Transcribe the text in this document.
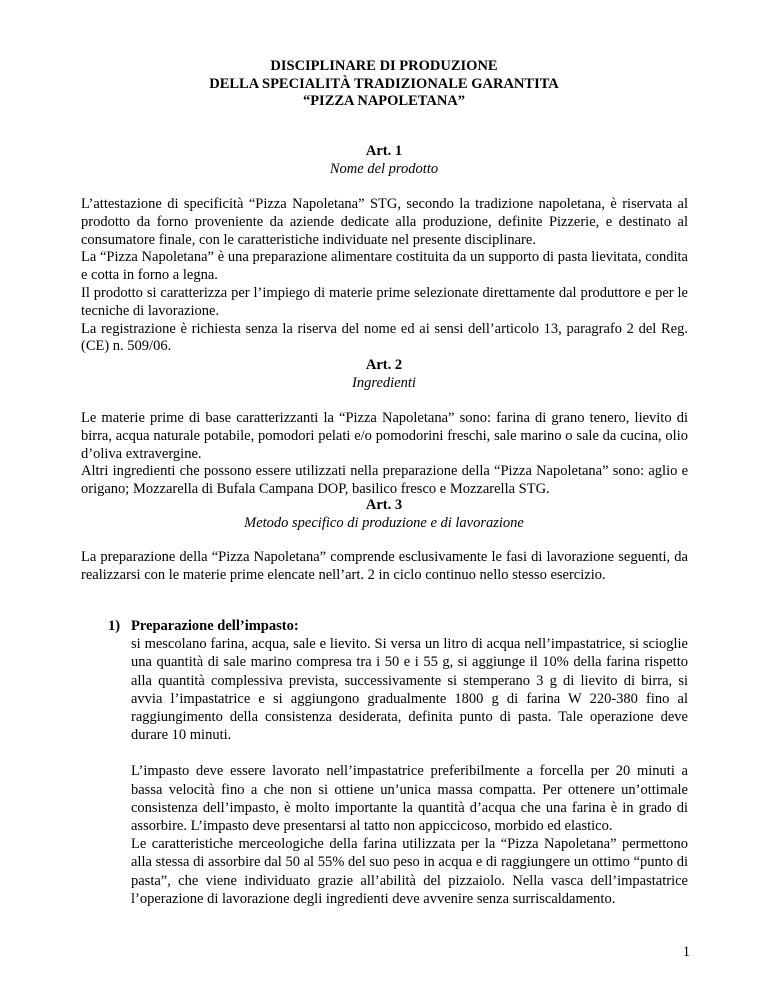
DISCIPLINARE DI PRODUZIONE
DELLA SPECIALITÀ TRADIZIONALE GARANTITA
“PIZZA NAPOLETANA”
Art. 1
Nome del prodotto

L’attestazione di specificità “Pizza Napoletana” STG, secondo la tradizione napoletana, è riservata al prodotto da forno proveniente da aziende dedicate alla produzione, definite Pizzerie, e destinato al consumatore finale, con le caratteristiche individuate nel presente disciplinare.

La “Pizza Napoletana” è una preparazione alimentare costituita da un supporto di pasta lievitata, condita e cotta in forno a legna.

Il prodotto si caratterizza per l’impiego di materie prime selezionate direttamente dal produttore e per le tecniche di lavorazione.

La registrazione è richiesta senza la riserva del nome ed ai sensi dell’articolo 13, paragrafo 2 del Reg. (CE) n. 509/06.

Art. 2
Ingredienti

Le materie prime di base caratterizzanti la “Pizza Napoletana” sono: farina di grano tenero, lievito di birra, acqua naturale potabile, pomodori pelati e/o pomodorini freschi, sale marino o sale da cucina, olio d’oliva extravergine.

Altri ingredienti che possono essere utilizzati nella preparazione della “Pizza Napoletana” sono: aglio e origano; Mozzarella di Bufala Campana DOP, basilico fresco e Mozzarella STG.

Art. 3
Metodo specifico di produzione e di lavorazione

La preparazione della “Pizza Napoletana” comprende esclusivamente le fasi di lavorazione seguenti, da realizzarsi con le materie prime elencate nell’art. 2 in ciclo continuo nello stesso esercizio.

1) Preparazione dell’impasto:

si mescolano farina, acqua, sale e lievito. Si versa un litro di acqua nell’impastatrice, si scioglie una quantità di sale marino compresa tra i 50 e i 55 g, si aggiunge il 10% della farina rispetto alla quantità complessiva prevista, successivamente si stemperano 3 g di lievito di birra, si avvia l’impastatrice e si aggiungono gradualmente 1800 g di farina W 220-380 fino al raggiungimento della consistenza desiderata, definita punto di pasta. Tale operazione deve durare 10 minuti.

L’impasto deve essere lavorato nell’impastatrice preferibilmente a forcella per 20 minuti a bassa velocità fino a che non si ottiene un’unica massa compatta. Per ottenere un’ottimale consistenza dell’impasto, è molto importante la quantità d’acqua che una farina è in grado di assorbire. L’impasto deve presentarsi al tatto non appiccicoso, morbido ed elastico.

Le caratteristiche merceologiche della farina utilizzata per la “Pizza Napoletana” permettono alla stessa di assorbire dal 50 al 55% del suo peso in acqua e di raggiungere un ottimo “punto di pasta”, che viene individuato grazie all’abilità del pizzaiolo. Nella vasca dell’impastatrice l’operazione di lavorazione degli ingredienti deve avvenire senza surriscaldamento.

1
